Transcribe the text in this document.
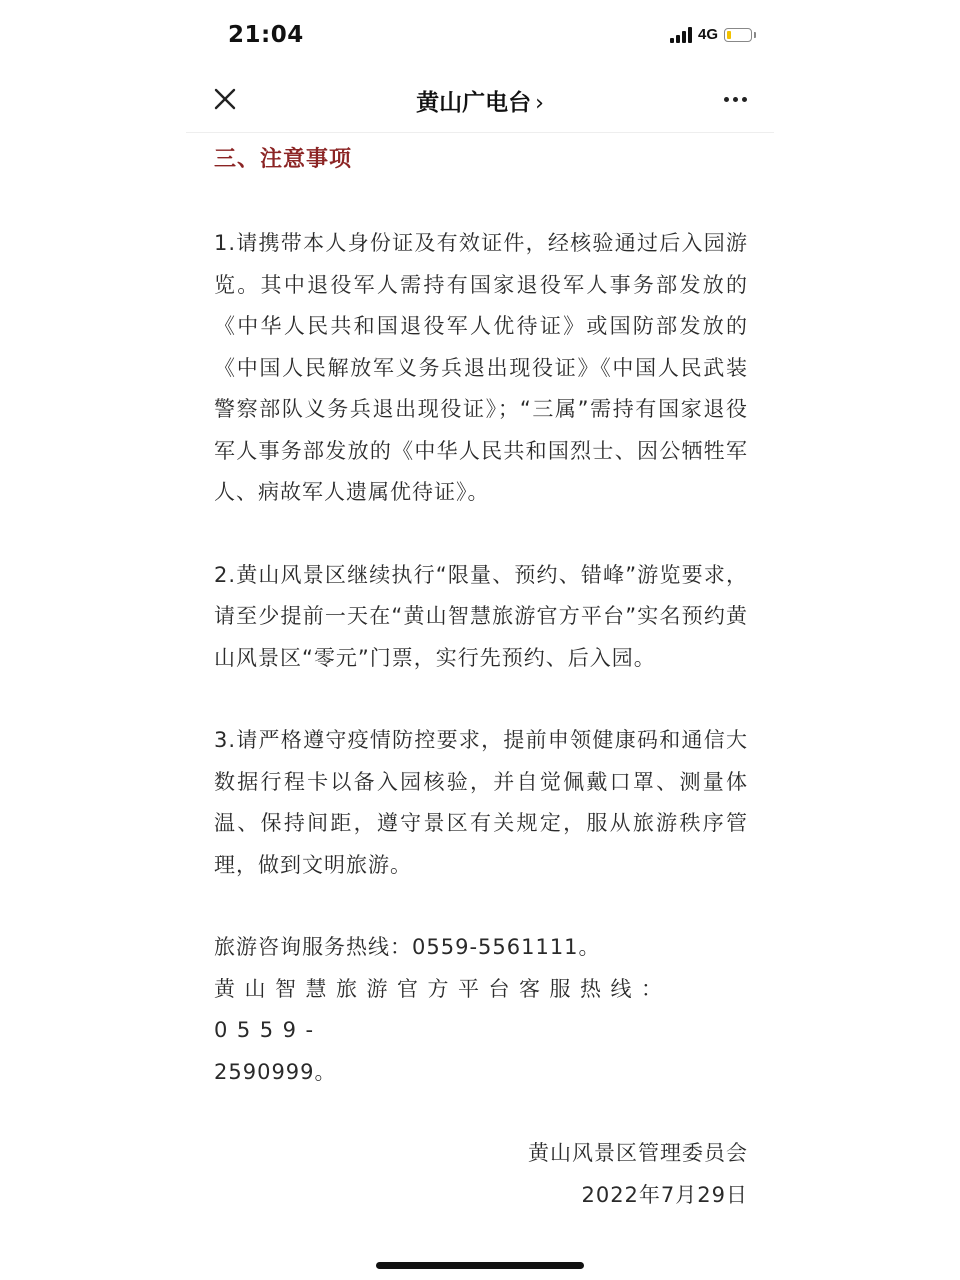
21:04	4G
黄山广电台 ›
三、注意事项

1.请携带本人身份证及有效证件，经核验通过后入园游览。其中退役军人需持有国家退役军人事务部发放的《中华人民共和国退役军人优待证》或国防部发放的《中国人民解放军义务兵退出现役证》《中国人民武装警察部队义务兵退出现役证》；“三属”需持有国家退役军人事务部发放的《中华人民共和国烈士、因公牺牲军人、病故军人遗属优待证》。

2.黄山风景区继续执行“限量、预约、错峰”游览要求，请至少提前一天在“黄山智慧旅游官方平台”实名预约黄山风景区“零元”门票，实行先预约、后入园。

3.请严格遵守疫情防控要求，提前申领健康码和通信大数据行程卡以备入园核验，并自觉佩戴口罩、测量体温、保持间距，遵守景区有关规定，服从旅游秩序管理，做到文明旅游。

旅游咨询服务热线：0559-5561111。

黄山智慧旅游官方平台客服热线：0559-

2590999。

黄山风景区管理委员会
2022年7月29日
